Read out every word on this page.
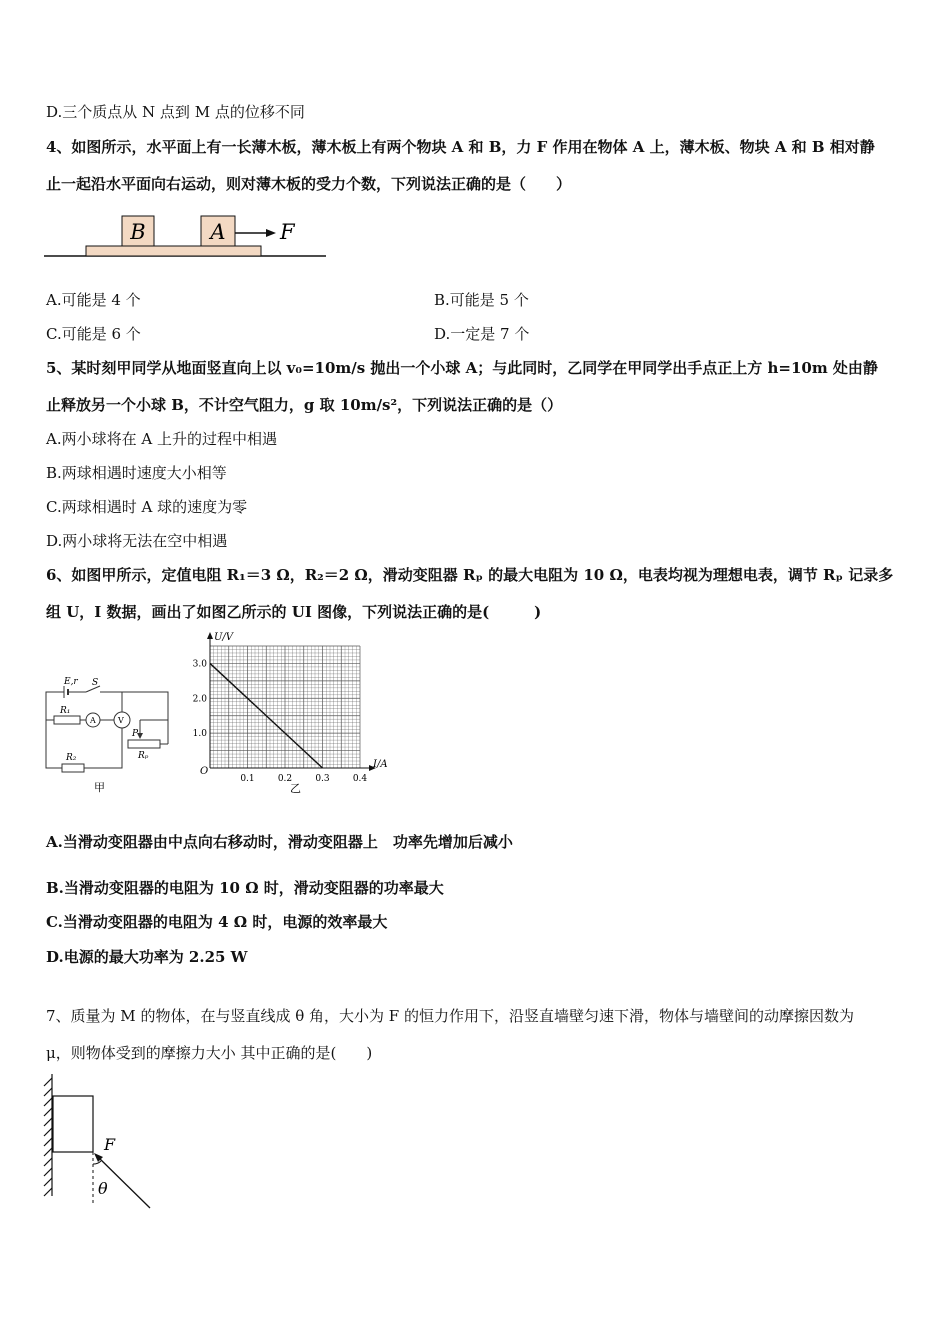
D.三个质点从 N 点到 M 点的位移不同
4、如图所示，水平面上有一长薄木板，薄木板上有两个物块 A 和 B，力 F 作用在物体 A 上，薄木板、物块 A 和 B 相对静
止一起沿水平面向右运动，则对薄木板的受力个数，下列说法正确的是（　　）
B	A	F
A.可能是 4 个	B.可能是 5 个
C.可能是 6 个	D.一定是 7 个
5、某时刻甲同学从地面竖直向上以 v₀=10m/s 抛出一个小球 A；与此同时，乙同学在甲同学出手点正上方 h=10m 处由静
止释放另一个小球 B，不计空气阻力，g 取 10m/s²，下列说法正确的是（）
A.两小球将在 A 上升的过程中相遇
B.两球相遇时速度大小相等
C.两球相遇时 A 球的速度为零
D.两小球将无法在空中相遇
6、如图甲所示，定值电阻 R₁＝3 Ω，R₂＝2 Ω，滑动变阻器 Rₚ 的最大电阻为 10 Ω，电表均视为理想电表，调节 Rₚ 记录多
组 U，I 数据，画出了如图乙所示的 UI 图像，下列说法正确的是(　　　)
E,r S
R₁
A	V
P
Rₚ
R₂
甲
0.1	0.2	0.3	0.4
1.0
2.0
3.0
U/V
I/A
O
乙
A.当滑动变阻器由中点向右移动时，滑动变阻器上　功率先增加后减小
B.当滑动变阻器的电阻为 10 Ω 时，滑动变阻器的功率最大
C.当滑动变阻器的电阻为 4 Ω 时，电源的效率最大
D.电源的最大功率为 2.25 W
7、质量为 M 的物体，在与竖直线成 θ 角，大小为 F 的恒力作用下，沿竖直墙壁匀速下滑，物体与墙壁间的动摩擦因数为
μ，则物体受到的摩擦力大小 其中正确的是(　　)
F
θ
